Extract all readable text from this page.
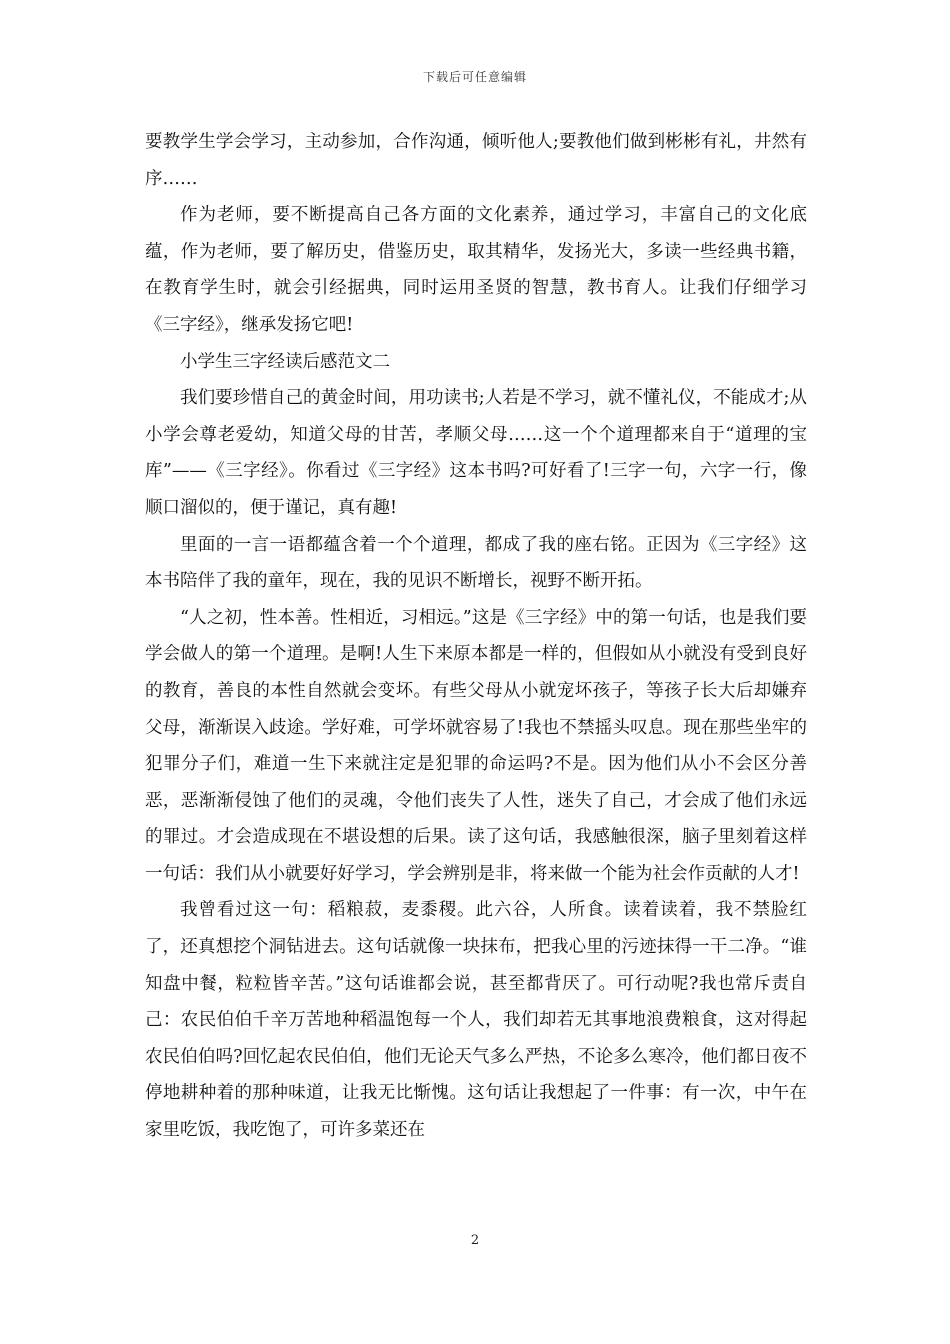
下载后可任意编辑

要教学生学会学习，主动参加，合作沟通，倾听他人;要教他们做到彬彬有礼，井然有序……

作为老师，要不断提高自己各方面的文化素养，通过学习，丰富自己的文化底蕴，作为老师，要了解历史，借鉴历史，取其精华，发扬光大，多读一些经典书籍，在教育学生时，就会引经据典，同时运用圣贤的智慧，教书育人。让我们仔细学习《三字经》，继承发扬它吧!

小学生三字经读后感范文二

我们要珍惜自己的黄金时间，用功读书;人若是不学习，就不懂礼仪，不能成才;从小学会尊老爱幼，知道父母的甘苦，孝顺父母……这一个个道理都来自于“道理的宝库”——《三字经》。你看过《三字经》这本书吗?可好看了!三字一句，六字一行，像顺口溜似的，便于谨记，真有趣!

里面的一言一语都蕴含着一个个道理，都成了我的座右铭。正因为《三字经》这本书陪伴了我的童年，现在，我的见识不断增长，视野不断开拓。

“人之初，性本善。性相近，习相远。”这是《三字经》中的第一句话，也是我们要学会做人的第一个道理。是啊!人生下来原本都是一样的，但假如从小就没有受到良好的教育，善良的本性自然就会变坏。有些父母从小就宠坏孩子，等孩子长大后却嫌弃父母，渐渐误入歧途。学好难，可学坏就容易了!我也不禁摇头叹息。现在那些坐牢的犯罪分子们，难道一生下来就注定是犯罪的命运吗?不是。因为他们从小不会区分善恶，恶渐渐侵蚀了他们的灵魂，令他们丧失了人性，迷失了自己，才会成了他们永远的罪过。才会造成现在不堪设想的后果。读了这句话，我感触很深，脑子里刻着这样一句话：我们从小就要好好学习，学会辨别是非，将来做一个能为社会作贡献的人才!

我曾看过这一句：稻粮菽，麦黍稷。此六谷，人所食。读着读着，我不禁脸红了，还真想挖个洞钻进去。这句话就像一块抹布，把我心里的污迹抹得一干二净。“谁知盘中餐，粒粒皆辛苦。”这句话谁都会说，甚至都背厌了。可行动呢?我也常斥责自己：农民伯伯千辛万苦地种稻温饱每一个人，我们却若无其事地浪费粮食，这对得起农民伯伯吗?回忆起农民伯伯，他们无论天气多么严热，不论多么寒冷，他们都日夜不停地耕种着的那种味道，让我无比惭愧。这句话让我想起了一件事：有一次，中午在家里吃饭，我吃饱了，可许多菜还在

2
